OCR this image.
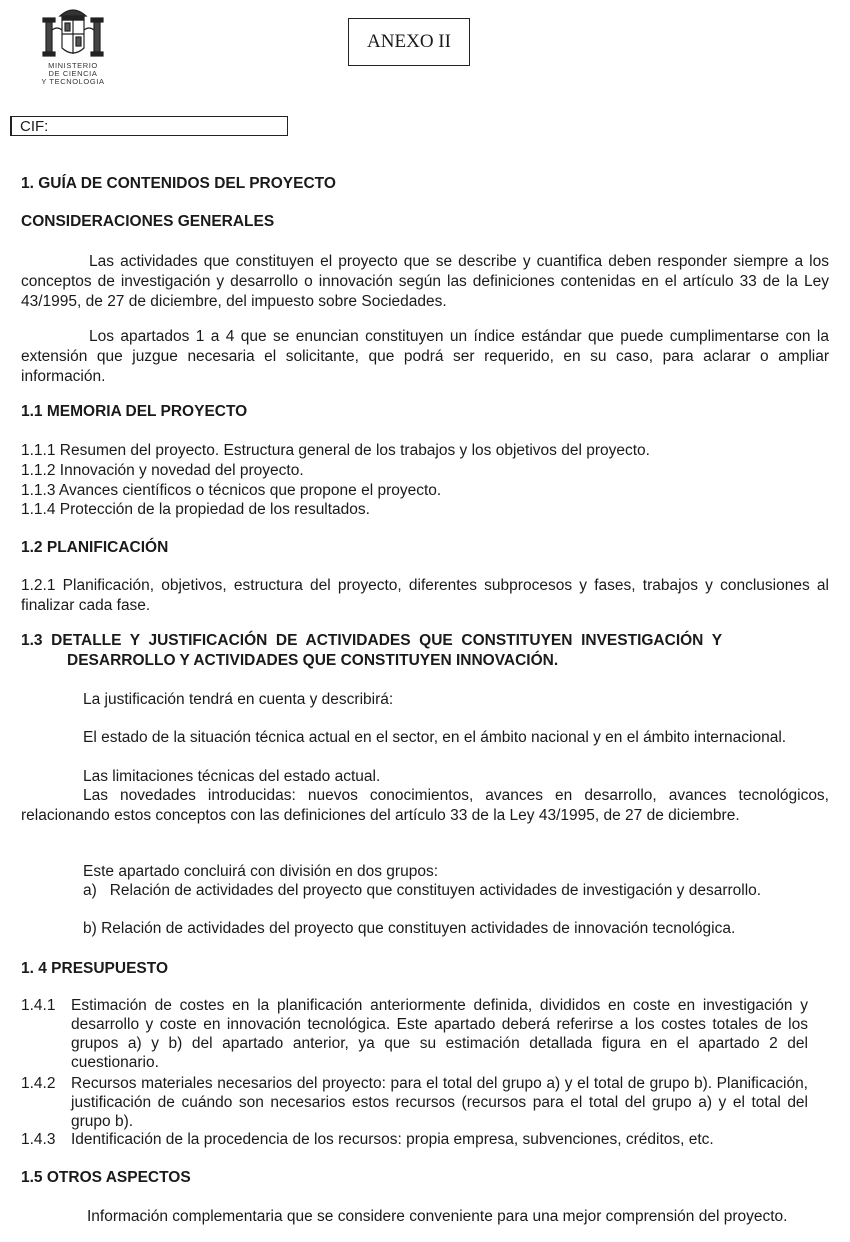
MINISTERIO
DE CIENCIA
Y TECNOLOGIA
ANEXO II
CIF:
1. GUÍA DE CONTENIDOS DEL PROYECTO
CONSIDERACIONES GENERALES
Las actividades que constituyen el proyecto que se describe y cuantifica deben responder siempre a los conceptos de investigación y desarrollo o innovación según las definiciones contenidas en el artículo 33 de la Ley 43/1995, de 27 de diciembre, del impuesto sobre Sociedades.
Los apartados 1 a 4 que se enuncian constituyen un índice estándar que puede cumplimentarse con la extensión que juzgue necesaria el solicitante, que podrá ser requerido, en su caso, para aclarar o ampliar información.
1.1 MEMORIA DEL PROYECTO
1.1.1 Resumen del proyecto. Estructura general de los trabajos y los objetivos del proyecto.
1.1.2 Innovación y novedad del proyecto.
1.1.3 Avances científicos o técnicos que propone el proyecto.
1.1.4 Protección de la propiedad de los resultados.
1.2 PLANIFICACIÓN
1.2.1 Planificación, objetivos, estructura del proyecto, diferentes subprocesos y fases, trabajos y conclusiones al finalizar cada fase.
1.3  DETALLE  Y  JUSTIFICACIÓN  DE  ACTIVIDADES  QUE  CONSTITUYEN  INVESTIGACIÓN  Y
DESARROLLO Y ACTIVIDADES QUE CONSTITUYEN INNOVACIÓN.
La justificación tendrá en cuenta y describirá:
El estado de la situación técnica actual en el sector, en el ámbito nacional y en el ámbito internacional.
Las limitaciones técnicas del estado actual.
Las novedades introducidas: nuevos conocimientos, avances en desarrollo, avances tecnológicos, relacionando estos conceptos con las definiciones del artículo 33 de la Ley 43/1995, de 27 de diciembre.
Este apartado concluirá con división en dos grupos:
a)   Relación de actividades del proyecto que constituyen actividades de investigación y desarrollo.
b) Relación de actividades del proyecto que constituyen actividades de innovación tecnológica.
1. 4 PRESUPUESTO
1.4.1	Estimación de costes en la planificación anteriormente definida, divididos en coste en investigación y desarrollo y coste en innovación tecnológica. Este apartado deberá referirse a los costes totales de los grupos a) y b) del apartado anterior, ya que su estimación detallada figura en el apartado 2 del cuestionario.
1.4.2	Recursos materiales necesarios del proyecto: para el total del grupo a) y el total de grupo b). Planificación, justificación de cuándo son necesarios estos recursos (recursos para el total del grupo a) y el total del grupo b).
1.4.3	Identificación de la procedencia de los recursos: propia empresa, subvenciones, créditos, etc.
1.5 OTROS ASPECTOS
Información complementaria que se considere conveniente para una mejor comprensión del proyecto.
